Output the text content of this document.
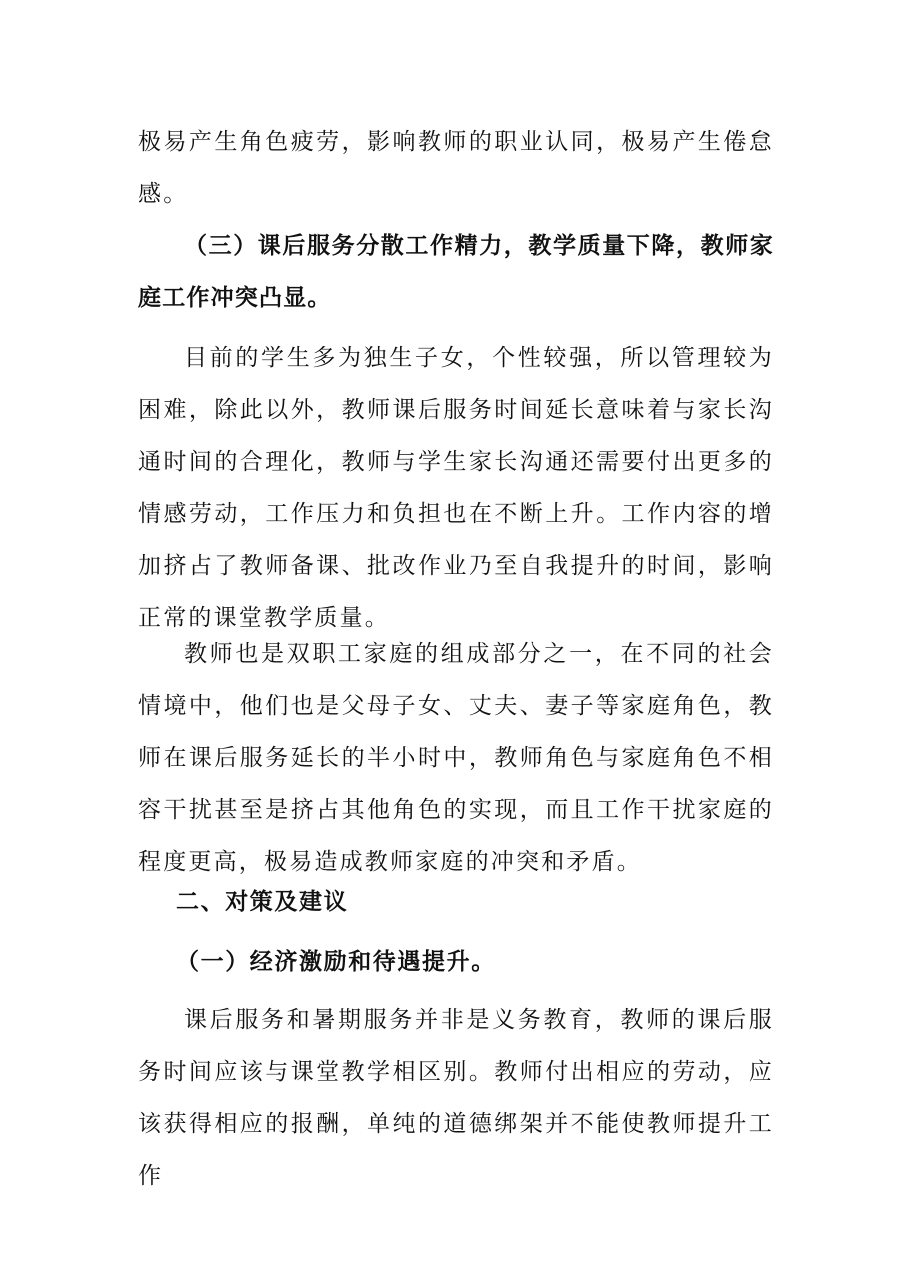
极易产生角色疲劳，影响教师的职业认同，极易产生倦怠感。

（三）课后服务分散工作精力，教学质量下降，教师家庭工作冲突凸显。

目前的学生多为独生子女，个性较强，所以管理较为困难，除此以外，教师课后服务时间延长意味着与家长沟通时间的合理化，教师与学生家长沟通还需要付出更多的情感劳动，工作压力和负担也在不断上升。工作内容的增加挤占了教师备课、批改作业乃至自我提升的时间，影响正常的课堂教学质量。

教师也是双职工家庭的组成部分之一，在不同的社会情境中，他们也是父母子女、丈夫、妻子等家庭角色，教师在课后服务延长的半小时中，教师角色与家庭角色不相容干扰甚至是挤占其他角色的实现，而且工作干扰家庭的程度更高，极易造成教师家庭的冲突和矛盾。

二、对策及建议

（一）经济激励和待遇提升。

课后服务和暑期服务并非是义务教育，教师的课后服务时间应该与课堂教学相区别。教师付出相应的劳动，应该获得相应的报酬，单纯的道德绑架并不能使教师提升工作
